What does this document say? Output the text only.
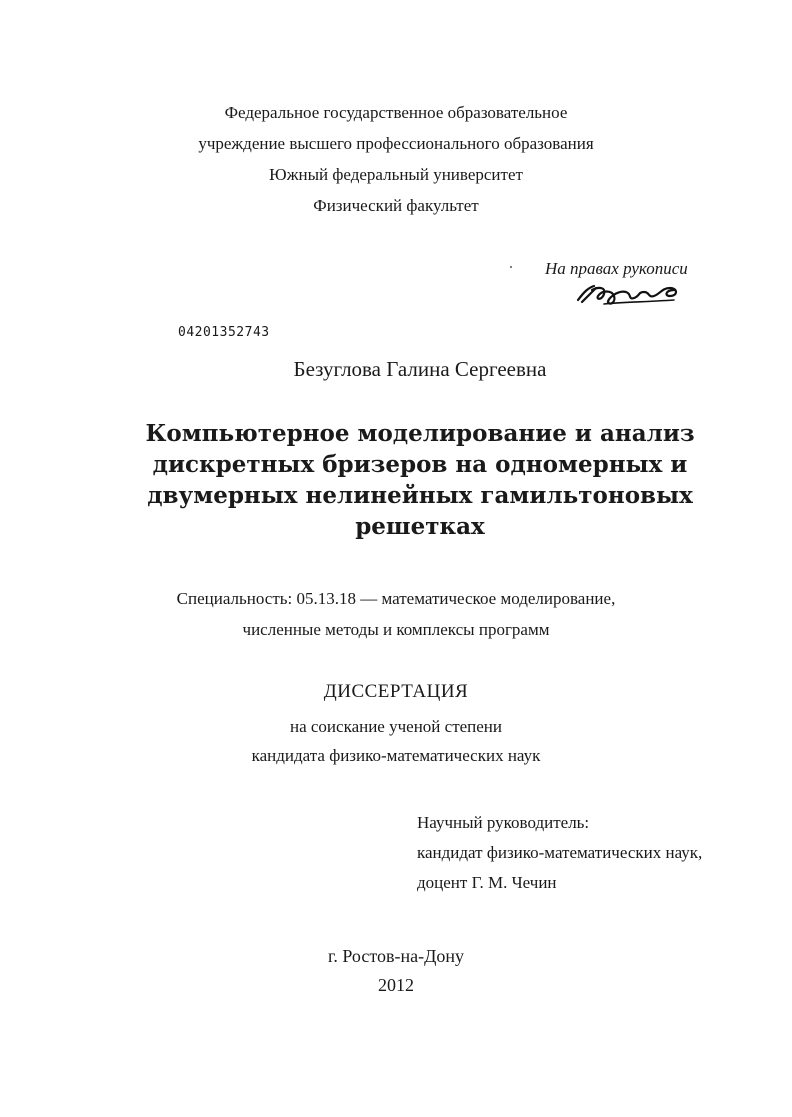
Федеральное государственное образовательное
учреждение высшего профессионального образования
Южный федеральный университет
Физический факультет
На правах рукописи
04201352743
Безуглова Галина Сергеевна
Компьютерное моделирование и анализ
дискретных бризеров на одномерных и
двумерных нелинейных гамильтоновых
решетках
Специальность: 05.13.18 — математическое моделирование,
численные методы и комплексы программ
ДИССЕРТАЦИЯ
на соискание ученой степени
кандидата физико-математических наук
Научный руководитель:
кандидат физико-математических наук,
доцент Г. М. Чечин
г. Ростов-на-Дону
2012
